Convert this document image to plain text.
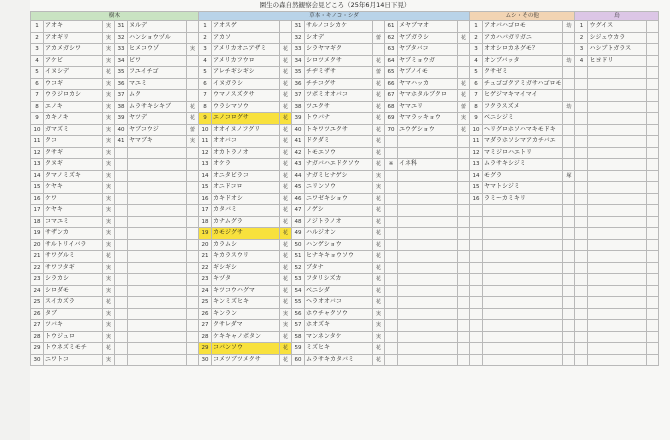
園生の森自然観察会見どころ（25年6月14日下見）
樹木						草本・キノコ・シダ									ムシ・その他			鳥		
1	アオキ	実	31	ヌルデ		1	アオスゲ		31	サルノコシカケ		61	メヤブマオ		1	アオバハゴロモ	幼	1	ウグイス	
2	アオギリ	実	32	ハンショウヅル		2	アカソ		32	シオデ	蕾	62	ヤブガラシ	花	2	アカハバガリガニ		2	シジュウカラ	
3	アカメガシワ	実	33	ヒメコウゾ	実	3	アメリカオニアザミ	花	33	シラヤマギク		63	ヤブタバコ		3	オオシロカネグモ？		3	ハシブトガラス	
4	アケビ	実	34	ビワ		4	アメリカフウロ	花	34	シロツメクサ	花	64	ヤブミョウガ		4	オンブバッタ	幼	4	ヒヨドリ	
5	イヌシデ	花	35	フユイチゴ		5	アレチギシギシ	花	35	チヂミザサ	蕾	65	ヤブノイモ		5	クサゼミ				
6	ウコギ	実	36	マユミ		6	イヌガラシ	花	36	チチコグサ	花	66	ヤマハッカ	花	6	チュゴゴクアミガサハゴロモ				
7	ウラジロカシ	実	37	ムク		7	ウマノスズクサ	花	37	ツボミオオバコ	花	67	ヤマホタルブクロ	花	7	ヒゲジマキマイマイ				
8	エノキ	実	38	ムラサキシキブ	花	8	ウラシマソウ	花	38	ツユクサ	花	68	ヤマユリ	蕾	8	フクラスズメ	幼			
9	カキノキ	実	39	ヤツデ	花	9	エノコログサ	花	39	トウバナ	花	69	ヤマラッキョウ	実	9	ベニシジミ				
10	ガマズミ	実	40	ヤブコウジ	蕾	10	オオイヌノフグリ	花	40	トキワツユクサ	花	70	ユウゲショウ	花	10	ヘリグロホソハマキモドキ				
11	クコ	実	41	ヤマブキ	実	11	オオバコ	花	41	ドクダミ	花				11	マダラホソシマアカチバエ				
12	クサギ	実				12	オカトラノオ	花	42	トモエソウ	花				12	マミジロハエトリ				
13	クヌギ	実				13	オケラ	花	43	ナガバハエドクソウ	花	※	イネ科		13	ムラサキシジミ				
14	クマノミズキ	実				14	オニタビラコ	花	44	ナガミヒナゲシ	実				14	モグラ	塚			
15	ケヤキ	実				15	オニドコロ	花	45	ニリンソウ	実				15	ヤマトシジミ				
16	ケワ	実				16	カキドオシ	花	46	ニワゼキショウ	花				16	ラミーカミキリ				
17	ケヤキ	実				17	カタバミ	花	47	ノゲシ	花									
18	コマユミ	実				18	カナムグラ	花	48	ノジトラノオ	花									
19	サザンカ	実				19	カモジグサ	花	49	ハルジオン	花									
20	サルトリイバラ	実				20	カラムシ	花	50	ハンゲショウ	花									
21	サワグルミ	花				21	キカラスウリ	花	51	ヒナキキョウソウ	花									
22	サワフタギ	実				22	ギシギシ	花	52	ブタナ	花									
23	シラカシ	実				23	キヅタ	花	53	フタリシズカ	花									
24	シロダモ	実				24	キツコウハグマ	花	54	ベニシダ	花									
25	スイカズラ	花				25	キンミズヒキ	花	55	ヘラオオバコ	花									
26	タブ	実				26	キンラン	実	56	ホウチャクソウ	実									
27	ツバキ	実				27	クサレダマ	実	57	ホオズキ	実									
28	トウジュロ	実				28	ケキキャノボタン	花	58	マンネンタケ	実									
29	トウネズミモチ	花				29	コバンソウ	花	59	ミズヒキ	花									
30	ニワトコ	実				30	コメツブツメクサ	花	60	ムラサキカタバミ	花									
